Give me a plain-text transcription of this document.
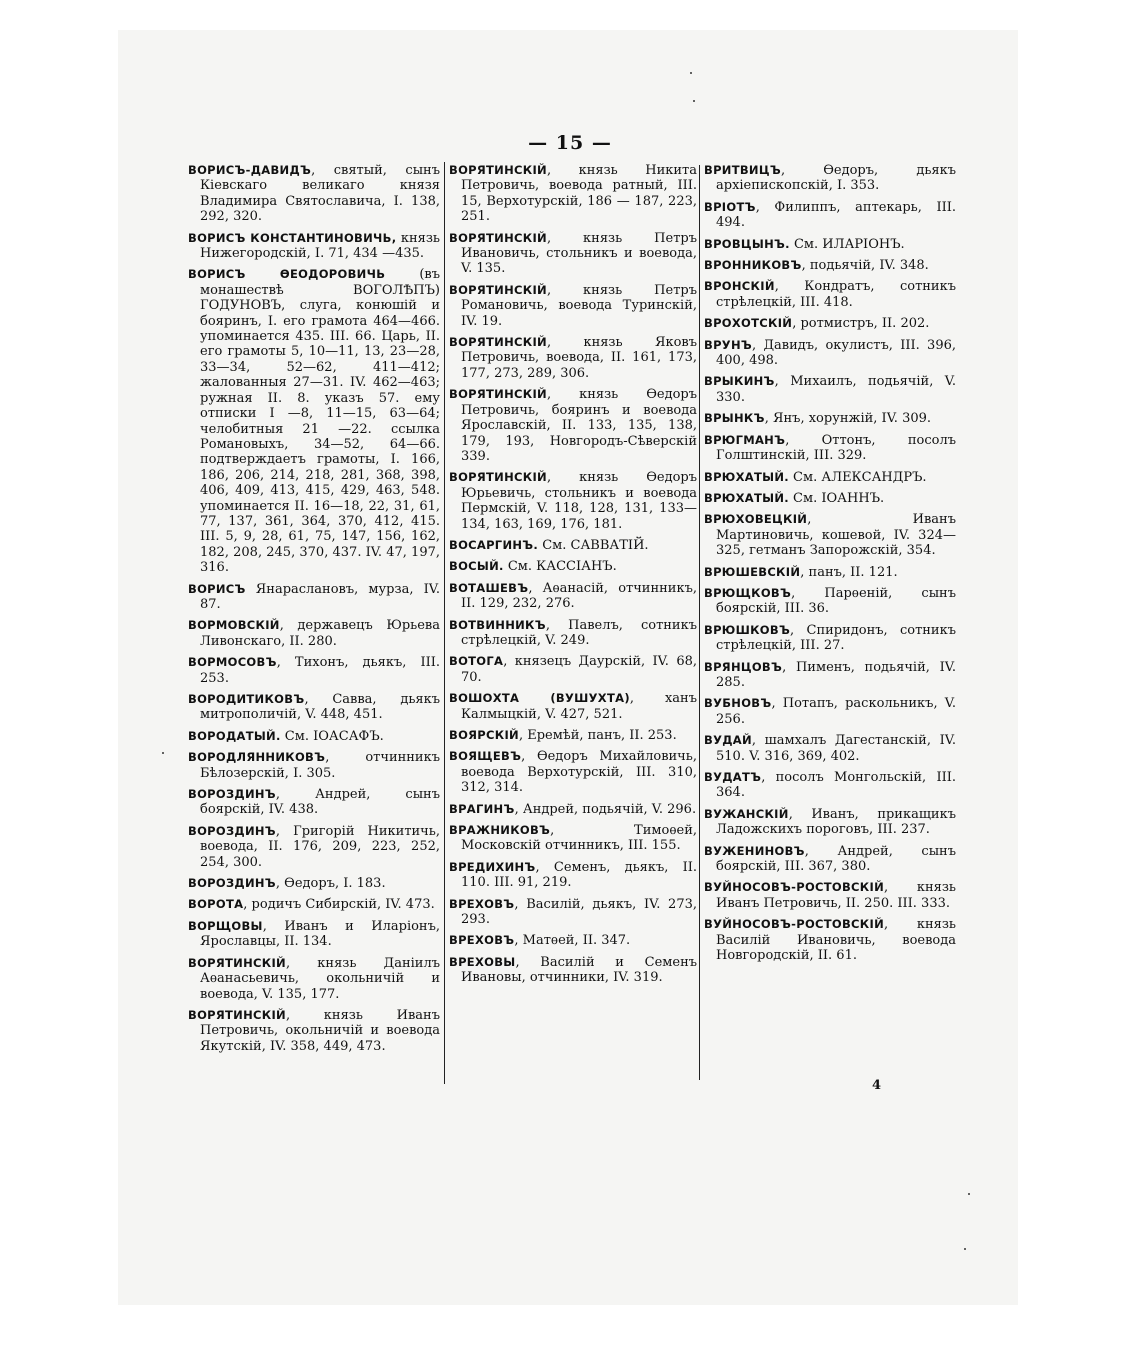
— 15 —
ВОРИСЪ-ДАВИДЪ, святый, сынъ Кіевскаго великаго князя Владимира Святославича, I. 138, 292, 320.
ВОРИСЪ КОНСТАНТИНОВИЧЬ, князь Нижегородскій, I. 71, 434 —435.
ВОРИСЪ ѲЕОДОРОВИЧЬ (въ монашествѣ ВОГОЛѢПЪ) ГОДУНОВЪ, слуга, конюшій и бояринъ, I. его грамота 464—466. упоминается 435. III. 66. Царь, II. его грамоты 5, 10—11, 13, 23—28, 33—34, 52—62, 411—412; жалованныя 27—31. IV. 462—463; ружная II. 8. указъ 57. ему отписки I —8, 11—15, 63—64; челобитныя 21 —22. ссылка Романовыхъ, 34—52, 64—66. подтверждаетъ грамоты, I. 166, 186, 206, 214, 218, 281, 368, 398, 406, 409, 413, 415, 429, 463, 548. упоминается II. 16—18, 22, 31, 61, 77, 137, 361, 364, 370, 412, 415. III. 5, 9, 28, 61, 75, 147, 156, 162, 182, 208, 245, 370, 437. IV. 47, 197, 316.
ВОРИСЪ Янараслановъ, мурза, IV. 87.
ВОРМОВСКІЙ, державецъ Юрьева Ливонскаго, II. 280.
ВОРМОСОВЪ, Тихонъ, дьякъ, III. 253.
ВОРОДИТИКОВЪ, Савва, дьякъ митрополичій, V. 448, 451.
ВОРОДАТЫЙ. См. ІОАСАФЪ.
ВОРОДЛЯННИКОВЪ, отчинникъ Бѣлозерскій, I. 305.
ВОРОЗДИНЪ, Андрей, сынъ боярскій, IV. 438.
ВОРОЗДИНЪ, Григорій Никитичь, воевода, II. 176, 209, 223, 252, 254, 300.
ВОРОЗДИНЪ, Ѳедоръ, I. 183.
ВОРОТА, родичъ Сибирскій, IV. 473.
ВОРЩОВЫ, Иванъ и Иларіонъ, Ярославцы, II. 134.
ВОРЯТИНСКІЙ, князь Даніилъ Аѳанасьевичь, окольничій и воевода, V. 135, 177.
ВОРЯТИНСКІЙ, князь Иванъ Петровичь, окольничій и воевода Якутскій, IV. 358, 449, 473.
ВОРЯТИНСКІЙ, князь Никита Петровичь, воевода ратный, III. 15, Верхотурскій, 186 — 187, 223, 251.
ВОРЯТИНСКІЙ, князь Петръ Ивановичь, стольникъ и воевода, V. 135.
ВОРЯТИНСКІЙ, князь Петръ Романовичь, воевода Туринскій, IV. 19.
ВОРЯТИНСКІЙ, князь Яковъ Петровичь, воевода, II. 161, 173, 177, 273, 289, 306.
ВОРЯТИНСКІЙ, князь Ѳедоръ Петровичь, бояринъ и воевода Ярославскій, II. 133, 135, 138, 179, 193, Новгородъ-Сѣверскій 339.
ВОРЯТИНСКІЙ, князь Ѳедоръ Юрьевичь, стольникъ и воевода Пермскій, V. 118, 128, 131, 133—134, 163, 169, 176, 181.
ВОСАРГИНЪ. См. САВВАТІЙ.
ВОСЫЙ. См. КАССІАНЪ.
ВОТАШЕВЪ, Аѳанасій, отчинникъ, II. 129, 232, 276.
ВОТВИННИКЪ, Павелъ, сотникъ стрѣлецкій, V. 249.
ВОТОГА, князецъ Даурскій, IV. 68, 70.
ВОШОХТА (ВУШУХТА), ханъ Калмыцкій, V. 427, 521.
ВОЯРСКІЙ, Еремѣй, панъ, II. 253.
ВОЯЩЕВЪ, Ѳедоръ Михайловичь, воевода Верхотурскій, III. 310, 312, 314.
ВРАГИНЪ, Андрей, подьячій, V. 296.
ВРАЖНИКОВЪ, Тимоѳей, Московскій отчинникъ, III. 155.
ВРЕДИХИНЪ, Семенъ, дьякъ, II. 110. III. 91, 219.
ВРЕХОВЪ, Василій, дьякъ, IV. 273, 293.
ВРЕХОВЪ, Матѳей, II. 347.
ВРЕХОВЫ, Василій и Семенъ Ивановы, отчинники, IV. 319.
ВРИТВИЦЪ, Ѳедоръ, дьякъ архіепископскій, I. 353.
ВРІОТЪ, Филиппъ, аптекарь, III. 494.
ВРОВЦЫНЪ. См. ИЛАРІОНЪ.
ВРОННИКОВЪ, подьячій, IV. 348.
ВРОНСКІЙ, Кондратъ, сотникъ стрѣлецкій, III. 418.
ВРОХОТСКІЙ, ротмистръ, II. 202.
ВРУНЪ, Давидъ, окулистъ, III. 396, 400, 498.
ВРЫКИНЪ, Михаилъ, подьячій, V. 330.
ВРЫНКЪ, Янъ, хорунжій, IV. 309.
ВРЮГМАНЪ, Оттонъ, посолъ Голштинскій, III. 329.
ВРЮХАТЫЙ. См. АЛЕКСАНДРЪ.
ВРЮХАТЫЙ. См. ІОАННЪ.
ВРЮХОВЕЦКІЙ, Иванъ Мартиновичь, кошевой, IV. 324—325, гетманъ Запорожскій, 354.
ВРЮШЕВСКІЙ, панъ, II. 121.
ВРЮЩКОВЪ, Парѳеній, сынъ боярскій, III. 36.
ВРЮШКОВЪ, Спиридонъ, сотникъ стрѣлецкій, III. 27.
ВРЯНЦОВЪ, Пименъ, подьячій, IV. 285.
ВУБНОВЪ, Потапъ, раскольникъ, V. 256.
ВУДАЙ, шамхалъ Дагестанскій, IV. 510. V. 316, 369, 402.
ВУДАТЪ, посолъ Монгольскій, III. 364.
ВУЖАНСКІЙ, Иванъ, прикащикъ Ладожскихъ пороговъ, III. 237.
ВУЖЕНИНОВЪ, Андрей, сынъ боярскій, III. 367, 380.
ВУЙНОСОВЪ-РОСТОВСКІЙ, князь Иванъ Петровичь, II. 250. III. 333.
ВУЙНОСОВЪ-РОСТОВСКІЙ, князь Василій Ивановичь, воевода Новгородскій, II. 61.
4
